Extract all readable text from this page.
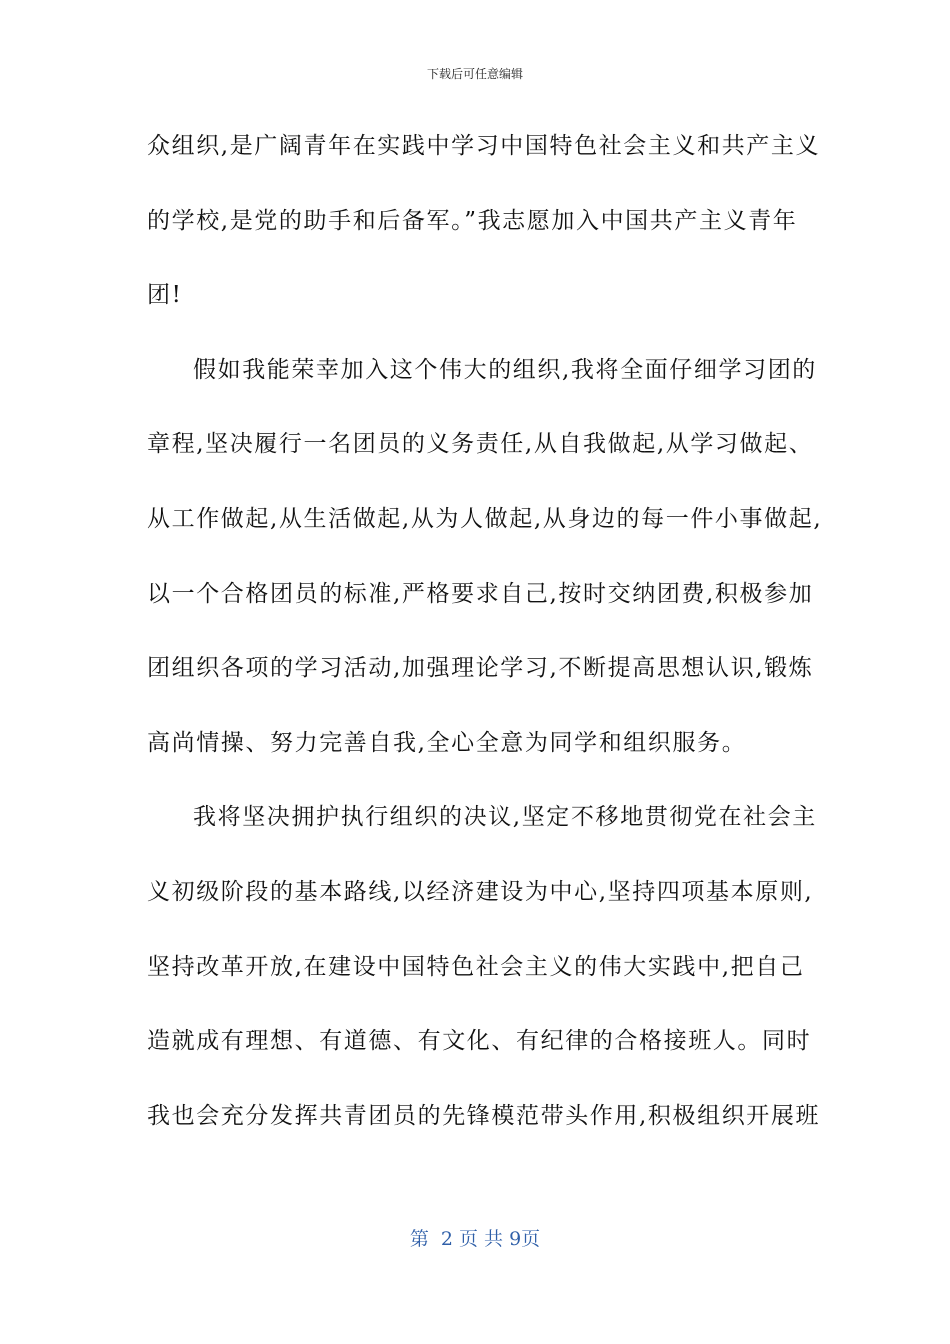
下载后可任意编辑
众组织,是广阔青年在实践中学习中国特色社会主义和共产主义
的学校,是党的助手和后备军。”我志愿加入中国共产主义青年
团!
假如我能荣幸加入这个伟大的组织,我将全面仔细学习团的
章程,坚决履行一名团员的义务责任,从自我做起,从学习做起、
从工作做起,从生活做起,从为人做起,从身边的每一件小事做起,
以一个合格团员的标准,严格要求自己,按时交纳团费,积极参加
团组织各项的学习活动,加强理论学习,不断提高思想认识,锻炼
高尚情操、努力完善自我,全心全意为同学和组织服务。
我将坚决拥护执行组织的决议,坚定不移地贯彻党在社会主
义初级阶段的基本路线,以经济建设为中心,坚持四项基本原则,
坚持改革开放,在建设中国特色社会主义的伟大实践中,把自己
造就成有理想、有道德、有文化、有纪律的合格接班人。同时
我也会充分发挥共青团员的先锋模范带头作用,积极组织开展班
第  2 页 共 9页
